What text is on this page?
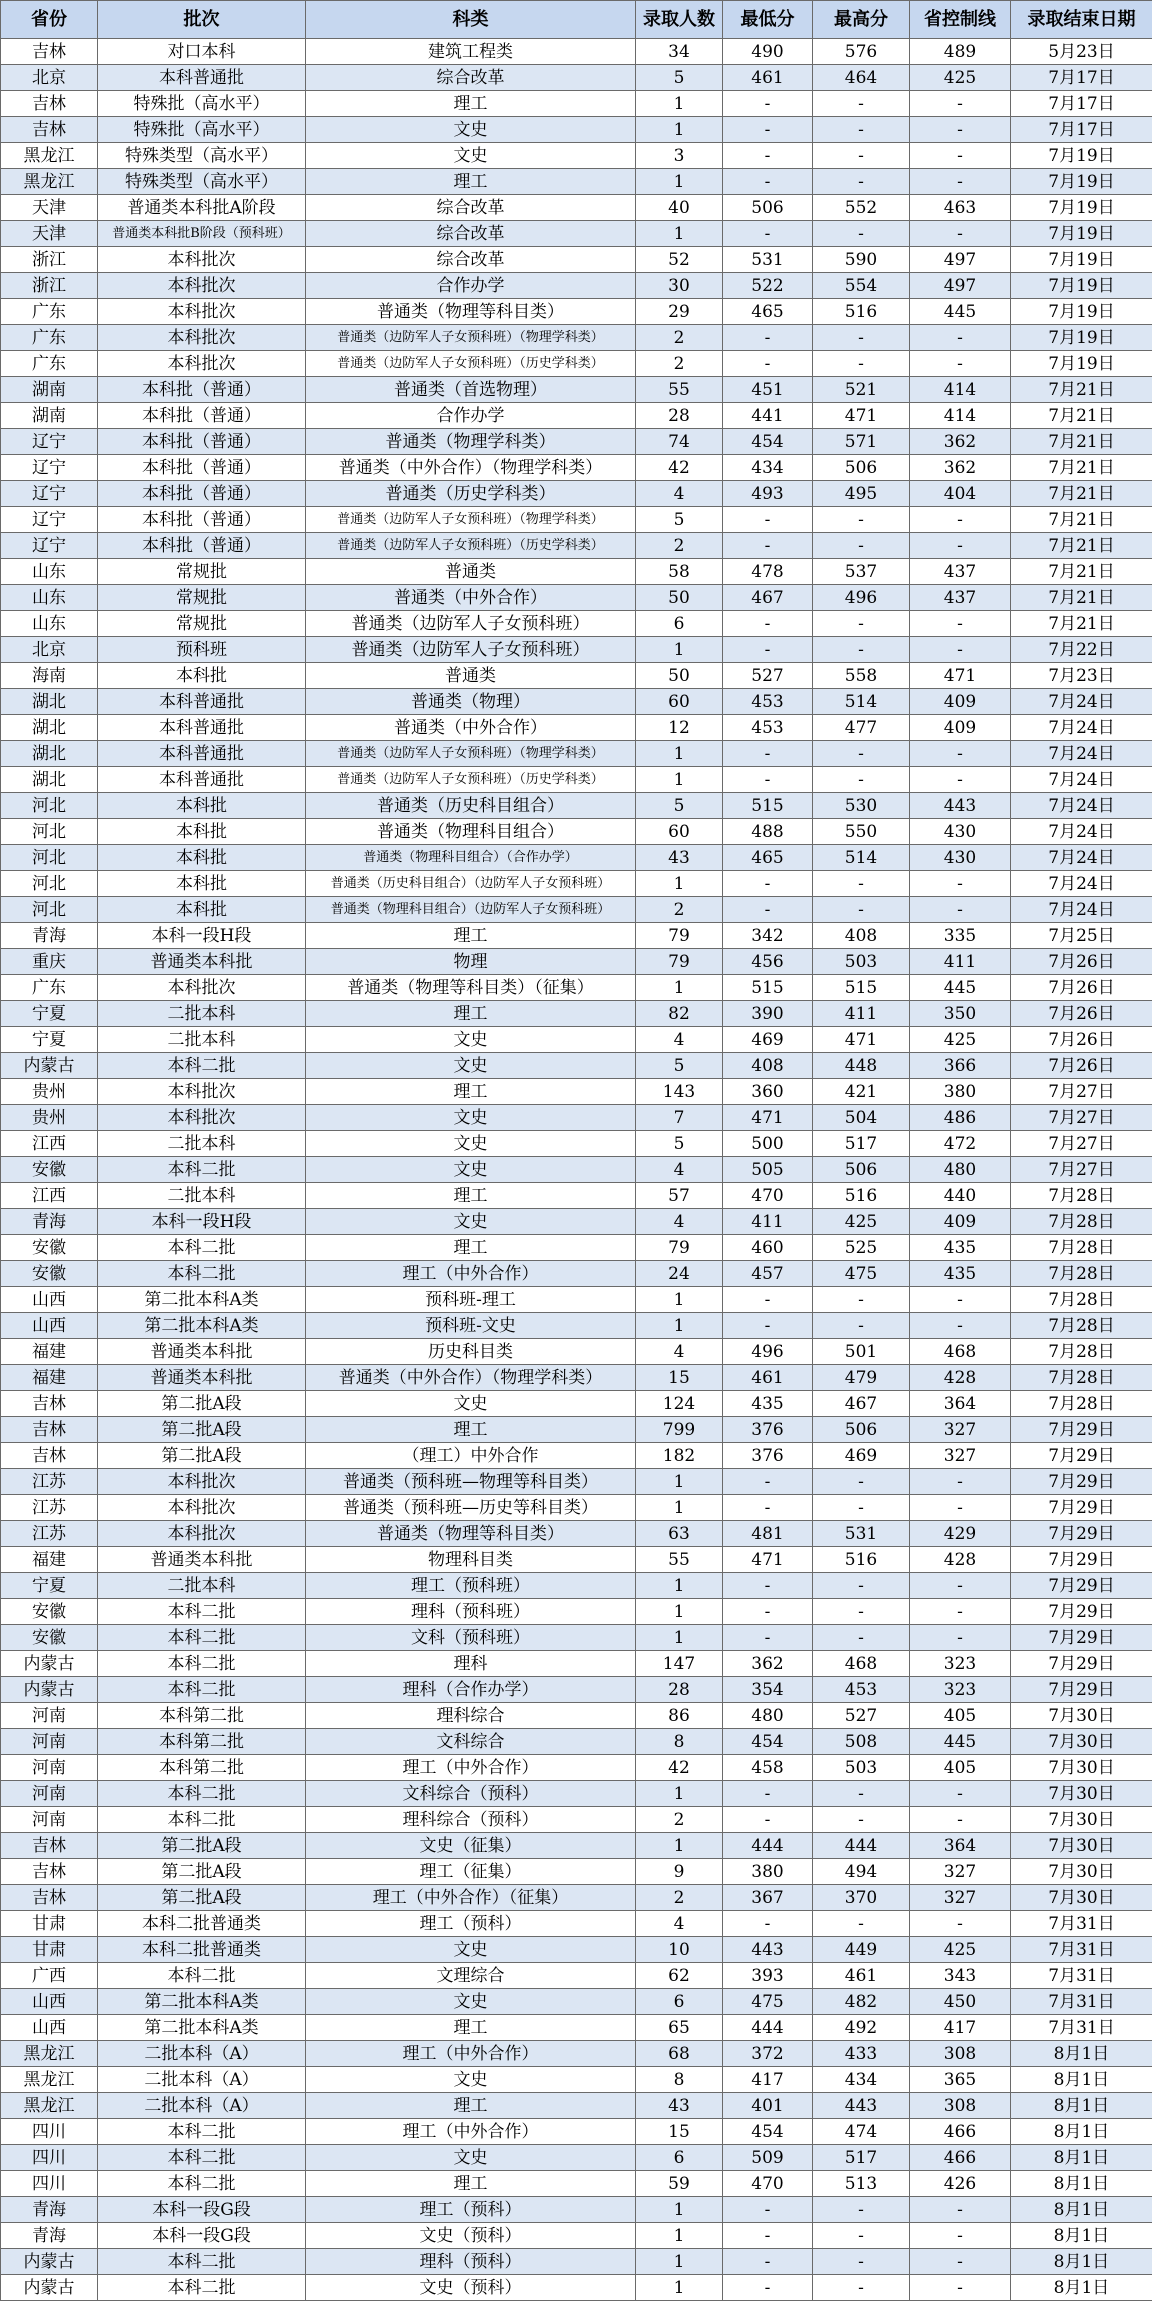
省份	批次	科类	录取人数	最低分	最高分	省控制线	录取结束日期
吉林	对口本科	建筑工程类	34	490	576	489	5月23日
北京	本科普通批	综合改革	5	461	464	425	7月17日
吉林	特殊批（高水平）	理工	1	-	-	-	7月17日
吉林	特殊批（高水平）	文史	1	-	-	-	7月17日
黑龙江	特殊类型（高水平）	文史	3	-	-	-	7月19日
黑龙江	特殊类型（高水平）	理工	1	-	-	-	7月19日
天津	普通类本科批A阶段	综合改革	40	506	552	463	7月19日
天津	普通类本科批B阶段（预科班）	综合改革	1	-	-	-	7月19日
浙江	本科批次	综合改革	52	531	590	497	7月19日
浙江	本科批次	合作办学	30	522	554	497	7月19日
广东	本科批次	普通类（物理等科目类）	29	465	516	445	7月19日
广东	本科批次	普通类（边防军人子女预科班）（物理学科类）	2	-	-	-	7月19日
广东	本科批次	普通类（边防军人子女预科班）（历史学科类）	2	-	-	-	7月19日
湖南	本科批（普通）	普通类（首选物理）	55	451	521	414	7月21日
湖南	本科批（普通）	合作办学	28	441	471	414	7月21日
辽宁	本科批（普通）	普通类（物理学科类）	74	454	571	362	7月21日
辽宁	本科批（普通）	普通类（中外合作）（物理学科类）	42	434	506	362	7月21日
辽宁	本科批（普通）	普通类（历史学科类）	4	493	495	404	7月21日
辽宁	本科批（普通）	普通类（边防军人子女预科班）（物理学科类）	5	-	-	-	7月21日
辽宁	本科批（普通）	普通类（边防军人子女预科班）（历史学科类）	2	-	-	-	7月21日
山东	常规批	普通类	58	478	537	437	7月21日
山东	常规批	普通类（中外合作）	50	467	496	437	7月21日
山东	常规批	普通类（边防军人子女预科班）	6	-	-	-	7月21日
北京	预科班	普通类（边防军人子女预科班）	1	-	-	-	7月22日
海南	本科批	普通类	50	527	558	471	7月23日
湖北	本科普通批	普通类（物理）	60	453	514	409	7月24日
湖北	本科普通批	普通类（中外合作）	12	453	477	409	7月24日
湖北	本科普通批	普通类（边防军人子女预科班）（物理学科类）	1	-	-	-	7月24日
湖北	本科普通批	普通类（边防军人子女预科班）（历史学科类）	1	-	-	-	7月24日
河北	本科批	普通类（历史科目组合）	5	515	530	443	7月24日
河北	本科批	普通类（物理科目组合）	60	488	550	430	7月24日
河北	本科批	普通类（物理科目组合）（合作办学）	43	465	514	430	7月24日
河北	本科批	普通类（历史科目组合）（边防军人子女预科班）	1	-	-	-	7月24日
河北	本科批	普通类（物理科目组合）（边防军人子女预科班）	2	-	-	-	7月24日
青海	本科一段H段	理工	79	342	408	335	7月25日
重庆	普通类本科批	物理	79	456	503	411	7月26日
广东	本科批次	普通类（物理等科目类）（征集）	1	515	515	445	7月26日
宁夏	二批本科	理工	82	390	411	350	7月26日
宁夏	二批本科	文史	4	469	471	425	7月26日
内蒙古	本科二批	文史	5	408	448	366	7月26日
贵州	本科批次	理工	143	360	421	380	7月27日
贵州	本科批次	文史	7	471	504	486	7月27日
江西	二批本科	文史	5	500	517	472	7月27日
安徽	本科二批	文史	4	505	506	480	7月27日
江西	二批本科	理工	57	470	516	440	7月28日
青海	本科一段H段	文史	4	411	425	409	7月28日
安徽	本科二批	理工	79	460	525	435	7月28日
安徽	本科二批	理工（中外合作）	24	457	475	435	7月28日
山西	第二批本科A类	预科班-理工	1	-	-	-	7月28日
山西	第二批本科A类	预科班-文史	1	-	-	-	7月28日
福建	普通类本科批	历史科目类	4	496	501	468	7月28日
福建	普通类本科批	普通类（中外合作）（物理学科类）	15	461	479	428	7月28日
吉林	第二批A段	文史	124	435	467	364	7月28日
吉林	第二批A段	理工	799	376	506	327	7月29日
吉林	第二批A段	（理工）中外合作	182	376	469	327	7月29日
江苏	本科批次	普通类（预科班—物理等科目类）	1	-	-	-	7月29日
江苏	本科批次	普通类（预科班—历史等科目类）	1	-	-	-	7月29日
江苏	本科批次	普通类（物理等科目类）	63	481	531	429	7月29日
福建	普通类本科批	物理科目类	55	471	516	428	7月29日
宁夏	二批本科	理工（预科班）	1	-	-	-	7月29日
安徽	本科二批	理科（预科班）	1	-	-	-	7月29日
安徽	本科二批	文科（预科班）	1	-	-	-	7月29日
内蒙古	本科二批	理科	147	362	468	323	7月29日
内蒙古	本科二批	理科（合作办学）	28	354	453	323	7月29日
河南	本科第二批	理科综合	86	480	527	405	7月30日
河南	本科第二批	文科综合	8	454	508	445	7月30日
河南	本科第二批	理工（中外合作）	42	458	503	405	7月30日
河南	本科二批	文科综合（预科）	1	-	-	-	7月30日
河南	本科二批	理科综合（预科）	2	-	-	-	7月30日
吉林	第二批A段	文史（征集）	1	444	444	364	7月30日
吉林	第二批A段	理工（征集）	9	380	494	327	7月30日
吉林	第二批A段	理工（中外合作）（征集）	2	367	370	327	7月30日
甘肃	本科二批普通类	理工（预科）	4	-	-	-	7月31日
甘肃	本科二批普通类	文史	10	443	449	425	7月31日
广西	本科二批	文理综合	62	393	461	343	7月31日
山西	第二批本科A类	文史	6	475	482	450	7月31日
山西	第二批本科A类	理工	65	444	492	417	7月31日
黑龙江	二批本科（A）	理工（中外合作）	68	372	433	308	8月1日
黑龙江	二批本科（A）	文史	8	417	434	365	8月1日
黑龙江	二批本科（A）	理工	43	401	443	308	8月1日
四川	本科二批	理工（中外合作）	15	454	474	466	8月1日
四川	本科二批	文史	6	509	517	466	8月1日
四川	本科二批	理工	59	470	513	426	8月1日
青海	本科一段G段	理工（预科）	1	-	-	-	8月1日
青海	本科一段G段	文史（预科）	1	-	-	-	8月1日
内蒙古	本科二批	理科（预科）	1	-	-	-	8月1日
内蒙古	本科二批	文史（预科）	1	-	-	-	8月1日
